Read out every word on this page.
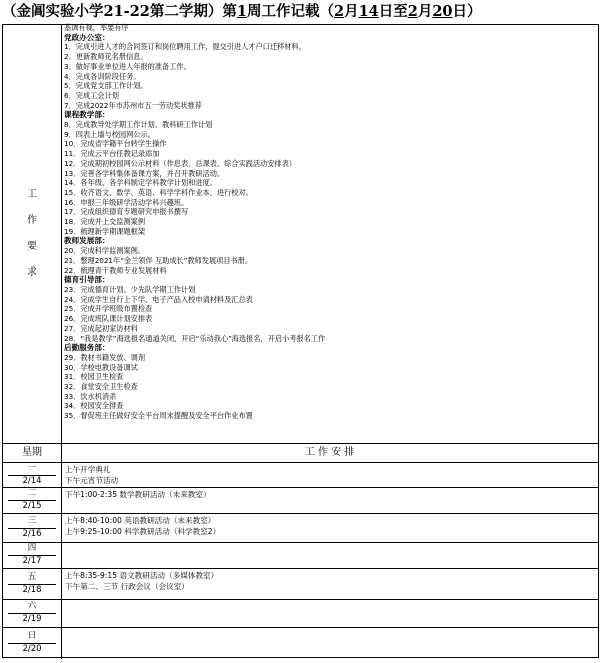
（金阊实验小学21-22第二学期）第1周工作记载（2月14日至2月20日）
工
作
要
求
基调有视，举要有序
党政办公室：
1．完成引进人才的合同签订和岗位聘用工作，提交引进人才户口迁移材料。
2．更新教师花名册信息。
3．做好事业单位进人年报的准备工作。
4．完成各训阶段任务。
5．完成党支部工作计划。
6．完成工会计划
7．完成2022年市苏州市五一劳动奖状推荐
课程教学部：
8．完成教导处学期工作计划、教科研工作计划
9．四表上墙与校园网公示。
10．完成省学籍平台转学生操作
11．完成云平台任教记录添加
12．完成期初校园网公示材料（作息表、总课表、综合实践活动安排表）
13．完善各学科集体备课方案，并召开教研活动。
14．各年级、各学科制定学科教学计划和进度。
15．收齐语文、数学、英语、科学学科作业本，进行校对。
16．申报三年级研学活动学科兴趣班。
17．完成组织德育专题研究申报书撰写
18．完成并上交监测案例
19．梳理新学期课题框架
教师发展部：
20．完成科学监测案例。
21．整理2021年“金兰领伴 互助成长”教师发展项目书册。
22．梳理青干教师专业发展材料
德育引导部：
23．完成德育计划、少先队学期工作计划
24．完成学生自行上下学、电子产品入校申请材料及汇总表
25．完成开学班级布置检查
26．完成班队课计划安排表
27．完成起初家访材料
28．“我是教学”海选报名通道关闭，开启“乐动我心”海选报名，开启小考报名工作
后勤服务部：
29．教材书籍发放、调剂
30．学校电教设备调试
31．校园卫生检查
32．食堂安全卫生检查
33．饮水机消杀
34．校园安全排查
35．督促班主任做好安全平台周末提醒及安全平台作业布置
星期	工 作 安 排
一
2/14
上午开学典礼
下午元宵节活动
二
2/15
下午1:00-2:35 数学教研活动（未来教室）
三
2/16
上午8:40-10:00 英语教研活动（未来教室）
上午9:25-10:00 科学教研活动（科学教室2）
四
2/17
五
2/18
上午8:35-9:15 语文教研活动（多媒体教室）
下午第二、三节 行政会议（会议室）
六
2/19
日
2/20
